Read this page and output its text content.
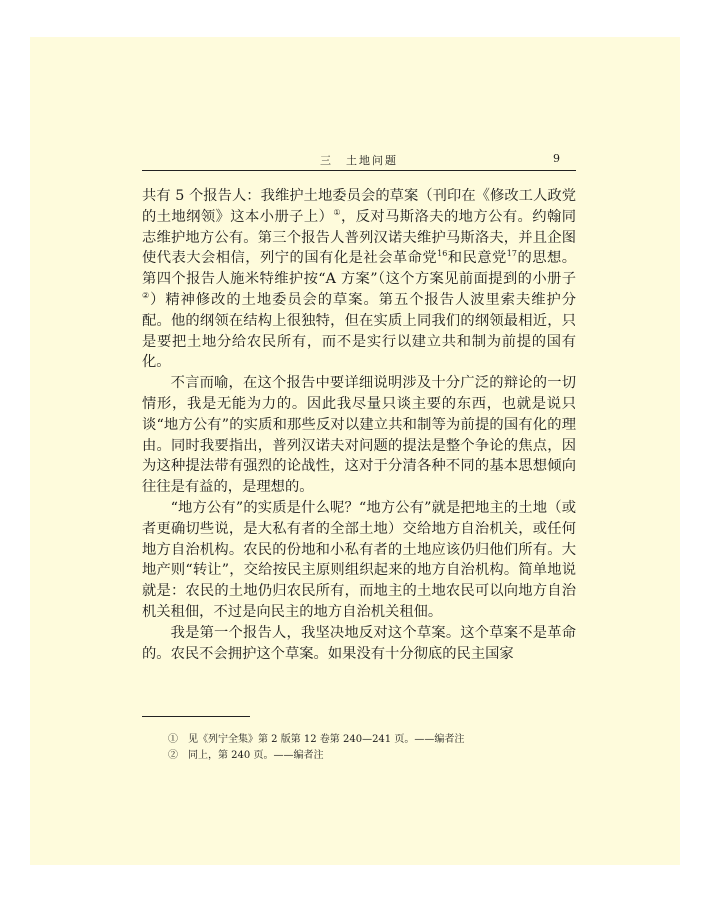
三　土地问题	9

共有 5 个报告人：我维护土地委员会的草案（刊印在《修改工人政党的土地纲领》这本小册子上）①，反对马斯洛夫的地方公有。约翰同志维护地方公有。第三个报告人普列汉诺夫维护马斯洛夫，并且企图使代表大会相信，列宁的国有化是社会革命党$^{16}$和民意党$^{17}$的思想。第四个报告人施米特维护按“A 方案”（这个方案见前面提到的小册子②）精神修改的土地委员会的草案。第五个报告人波里索夫维护分配。他的纲领在结构上很独特，但在实质上同我们的纲领最相近，只是要把土地分给农民所有，而不是实行以建立共和制为前提的国有化。

不言而喻，在这个报告中要详细说明涉及十分广泛的辩论的一切情形，我是无能为力的。因此我尽量只谈主要的东西，也就是说只谈“地方公有”的实质和那些反对以建立共和制等为前提的国有化的理由。同时我要指出，普列汉诺夫对问题的提法是整个争论的焦点，因为这种提法带有强烈的论战性，这对于分清各种不同的基本思想倾向往往是有益的，是理想的。

“地方公有”的实质是什么呢？“地方公有”就是把地主的土地（或者更确切些说，是大私有者的全部土地）交给地方自治机关，或任何地方自治机构。农民的份地和小私有者的土地应该仍归他们所有。大地产则“转让”，交给按民主原则组织起来的地方自治机构。简单地说就是：农民的土地仍归农民所有，而地主的土地农民可以向地方自治机关租佃，不过是向民主的地方自治机关租佃。

我是第一个报告人，我坚决地反对这个草案。这个草案不是革命的。农民不会拥护这个草案。如果没有十分彻底的民主国家

①　见《列宁全集》第 2 版第 12 卷第 240—241 页。——编者注
②　同上，第 240 页。——编者注
